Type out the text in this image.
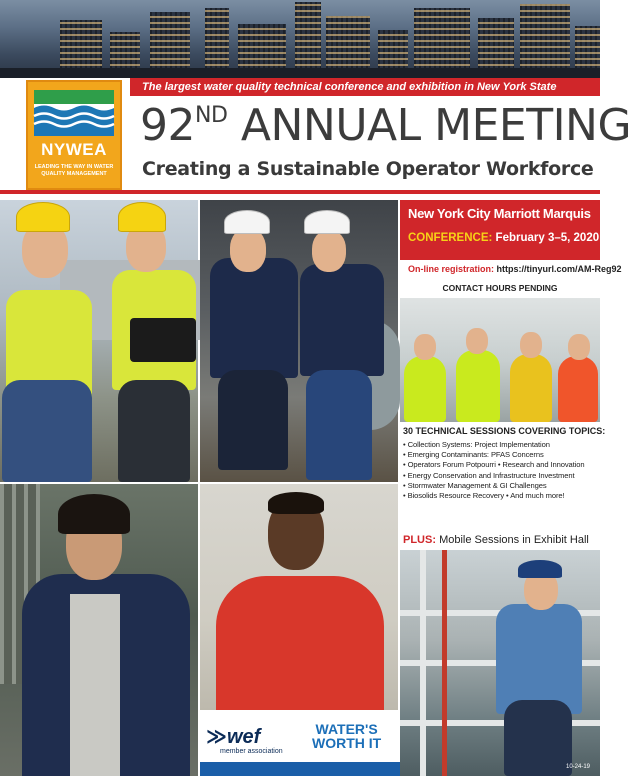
The largest water quality technical conference and exhibition in New York State
NYWEA
LEADING THE WAY IN WATER QUALITY MANAGEMENT
92ND ANNUAL MEETING
Creating a Sustainable Operator Workforce
New York City Marriott Marquis
CONFERENCE: February 3–5, 2020
On-line registration: https://tinyurl.com/AM-Reg92
CONTACT HOURS PENDING
30 TECHNICAL SESSIONS COVERING TOPICS:
• Collection Systems: Project Implementation
• Emerging Contaminants: PFAS Concerns
• Operators Forum Potpourri • Research and Innovation
• Energy Conservation and Infrastructure Investment
• Stormwater Management & GI Challenges
• Biosolids Resource Recovery • And much more!
PLUS: Mobile Sessions in Exhibit Hall
≫wef
member association
WATER'S
WORTH IT
10-24-19
